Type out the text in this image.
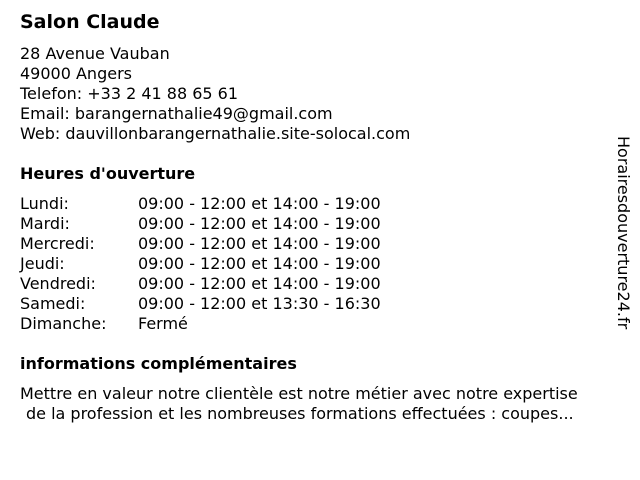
Salon Claude
28 Avenue Vauban
49000 Angers
Telefon: +33 2 41 88 65 61
Email: barangernathalie49@gmail.com
Web: dauvillonbarangernathalie.site-solocal.com
Heures d'ouverture
Lundi:	09:00 - 12:00 et 14:00 - 19:00
Mardi:	09:00 - 12:00 et 14:00 - 19:00
Mercredi:	09:00 - 12:00 et 14:00 - 19:00
Jeudi:	09:00 - 12:00 et 14:00 - 19:00
Vendredi:	09:00 - 12:00 et 14:00 - 19:00
Samedi:	09:00 - 12:00 et 13:30 - 16:30
Dimanche:	Fermé
informations complémentaires
Mettre en valeur notre clientèle est notre métier avec notre expertise
de la profession et les nombreuses formations effectuées : coupes...
Horairesdouverture24.fr
